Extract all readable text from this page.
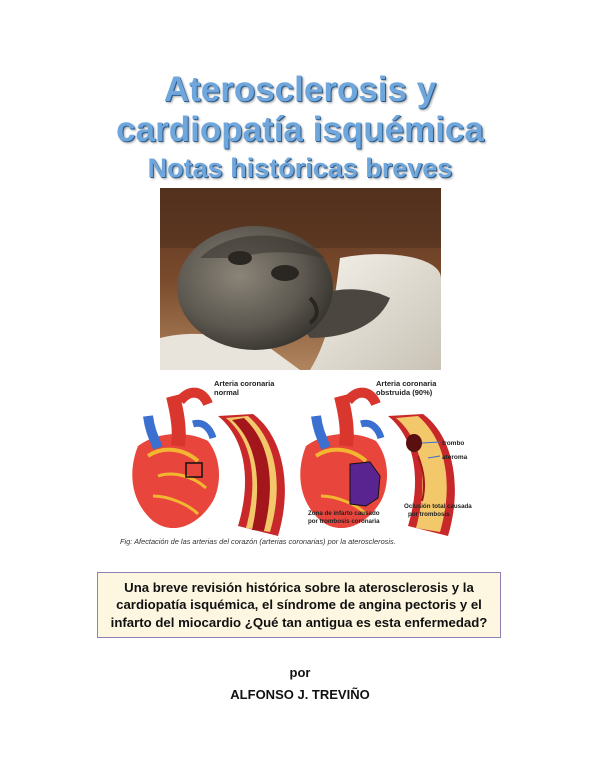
Aterosclerosis y
cardiopatía isquémica
Notas históricas breves
Arteria coronaria
normal
Zona de infarto causado
por trombosis coronaria
Arteria coronaria
obstruida (90%)
trombo
ateroma
Oclusión total causada
por trombosis
Fig: Afectación de las arterias del corazón (arterias coronarias) por la aterosclerosis.
Una breve revisión histórica sobre la aterosclerosis y la cardiopatía isquémica, el síndrome de angina pectoris y el infarto del miocardio ¿Qué tan antigua es esta enfermedad?
por
ALFONSO J. TREVIÑO
